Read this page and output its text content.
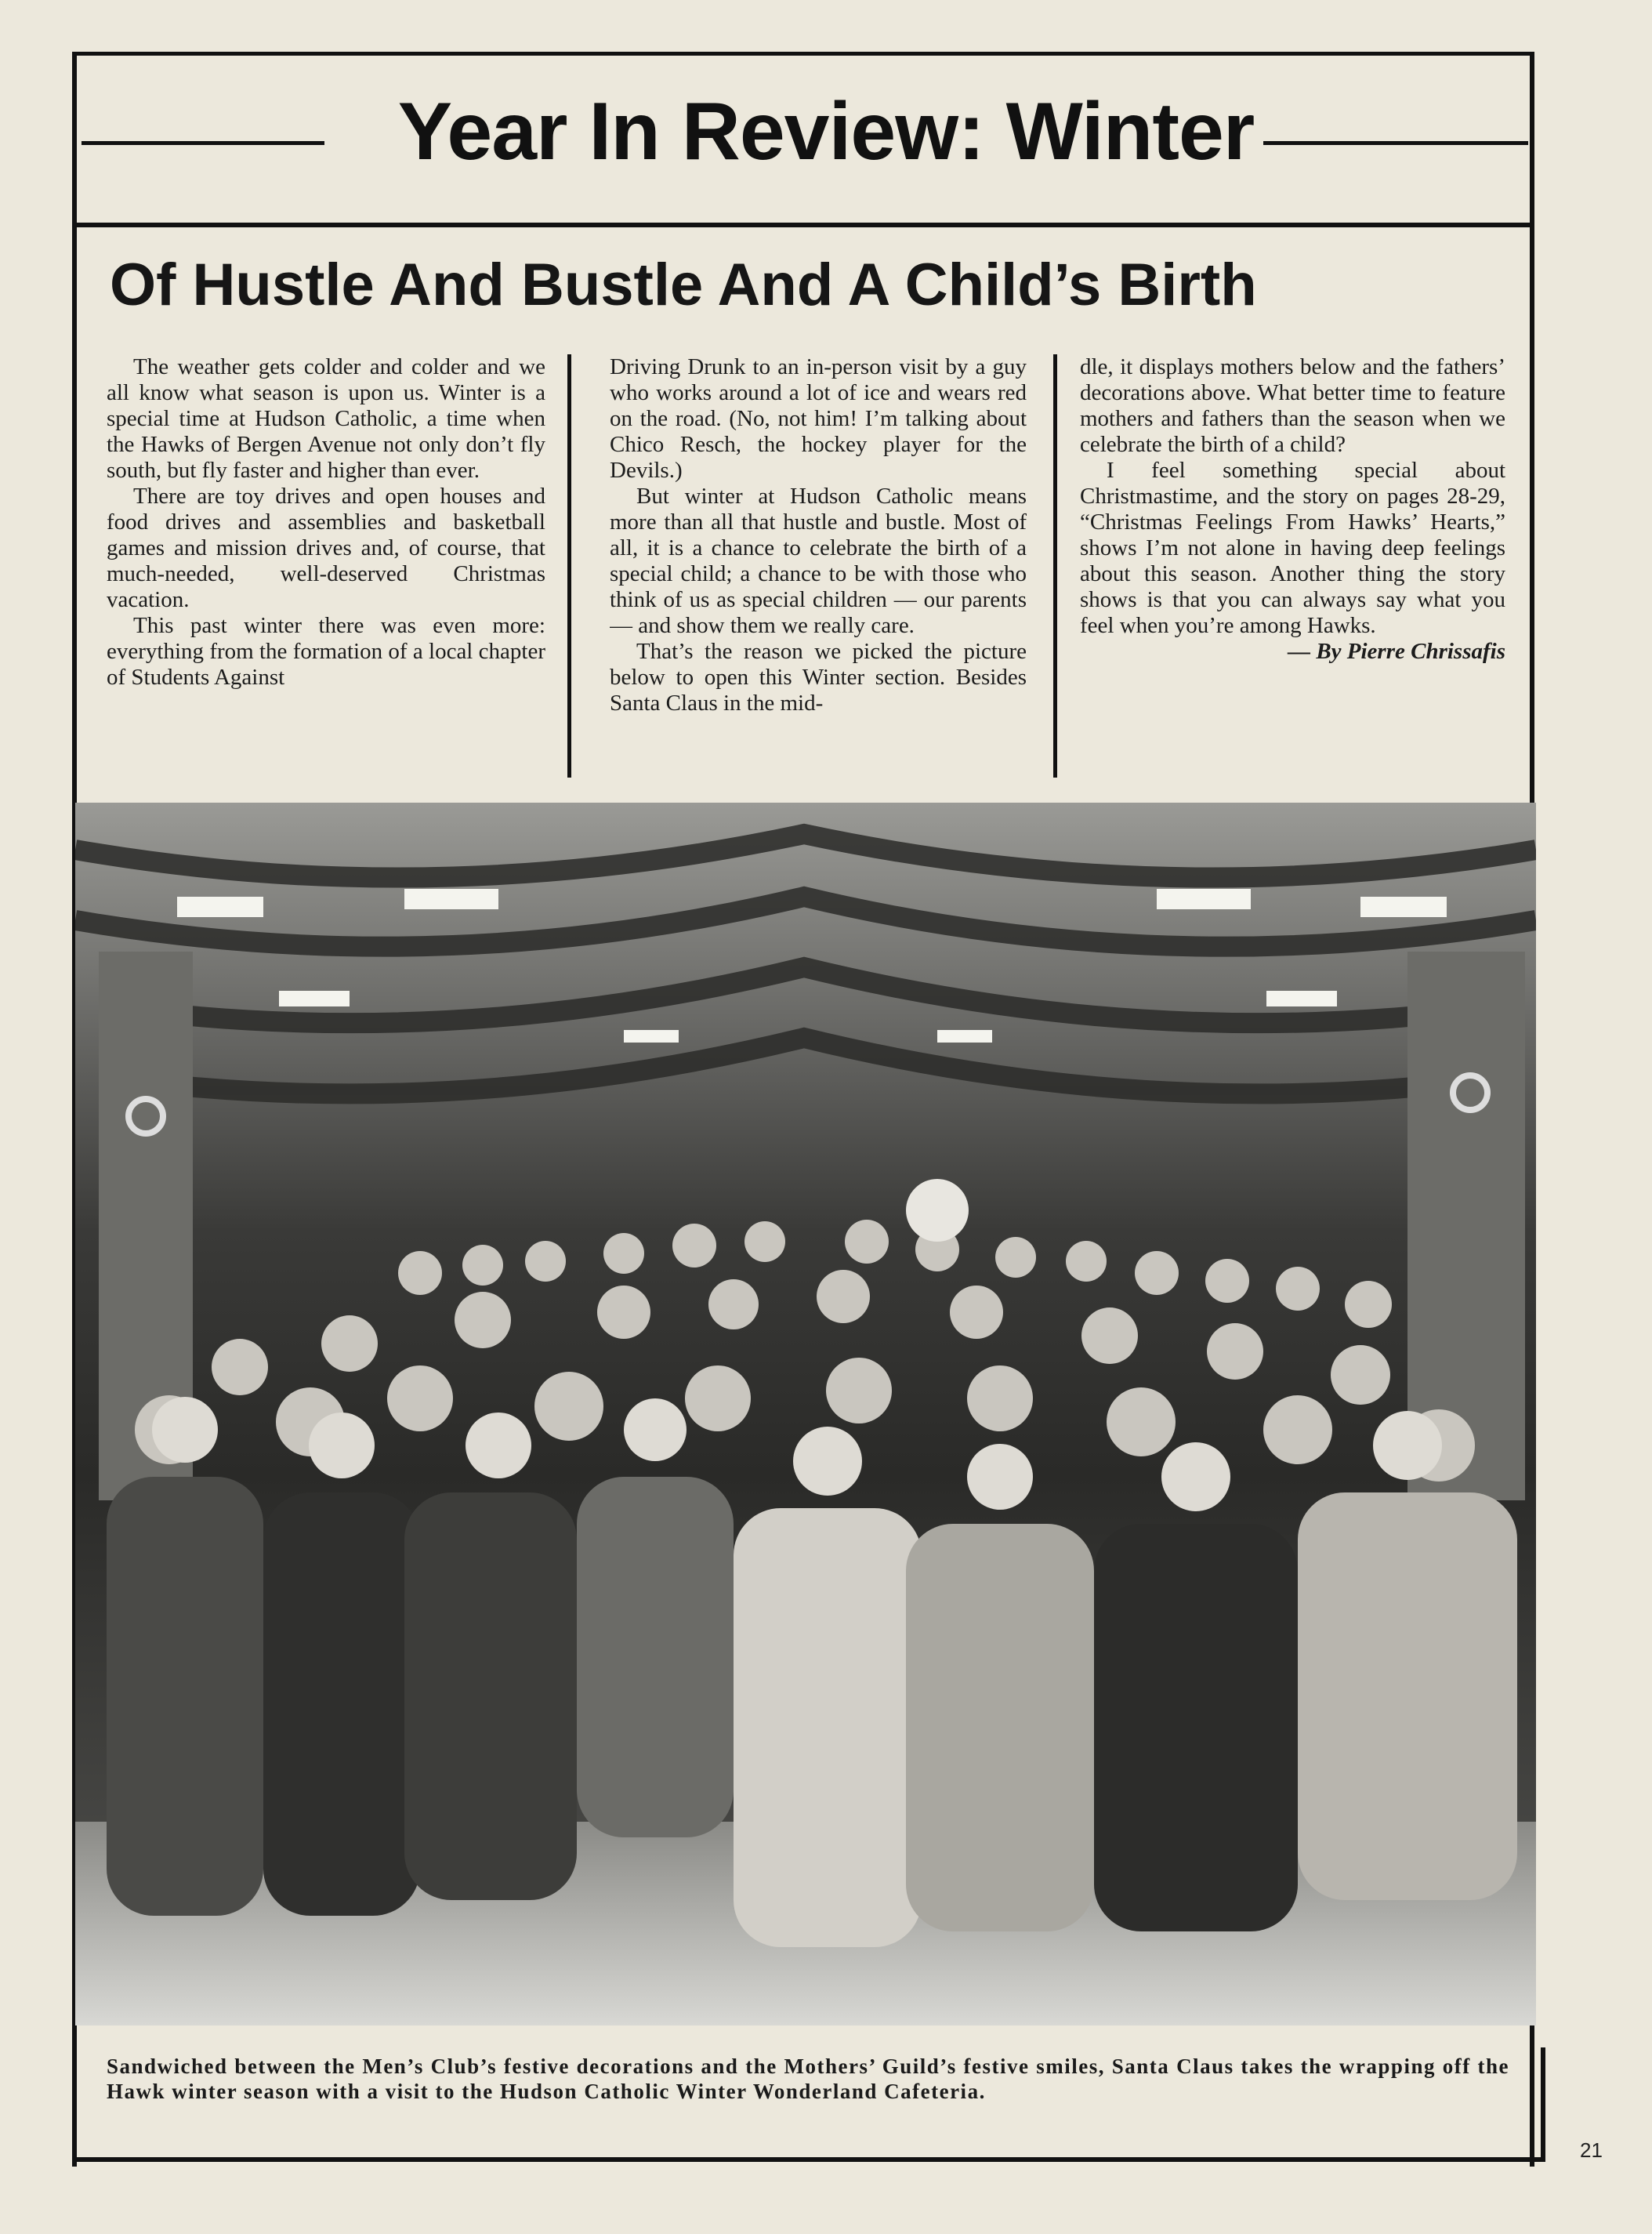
Year In Review: Winter
Of Hustle And Bustle And A Child’s Birth

The weather gets colder and colder and we all know what season is upon us. Winter is a special time at Hudson Catholic, a time when the Hawks of Bergen Avenue not only don’t fly south, but fly faster and higher than ever.

There are toy drives and open houses and food drives and assemblies and basketball games and mission drives and, of course, that much-needed, well-deserved Christmas vacation.

This past winter there was even more: everything from the formation of a local chapter of Students Against

Driving Drunk to an in-person visit by a guy who works around a lot of ice and wears red on the road. (No, not him! I’m talking about Chico Resch, the hockey player for the Devils.)

But winter at Hudson Catholic means more than all that hustle and bustle. Most of all, it is a chance to celebrate the birth of a special child; a chance to be with those who think of us as special children — our parents — and show them we really care.

That’s the reason we picked the picture below to open this Winter section. Besides Santa Claus in the mid-

dle, it displays mothers below and the fathers’ decorations above. What better time to feature mothers and fathers than the season when we celebrate the birth of a child?

I feel something special about Christmastime, and the story on pages 28-29, “Christmas Feelings From Hawks’ Hearts,” shows I’m not alone in having deep feelings about this season. Another thing the story shows is that you can always say what you feel when you’re among Hawks.

— By Pierre Chrissafis

Sandwiched between the Men’s Club’s festive decorations and the Mothers’ Guild’s festive smiles, Santa Claus takes the wrapping off the Hawk winter season with a visit to the Hudson Catholic Winter Wonderland Cafeteria.
21
